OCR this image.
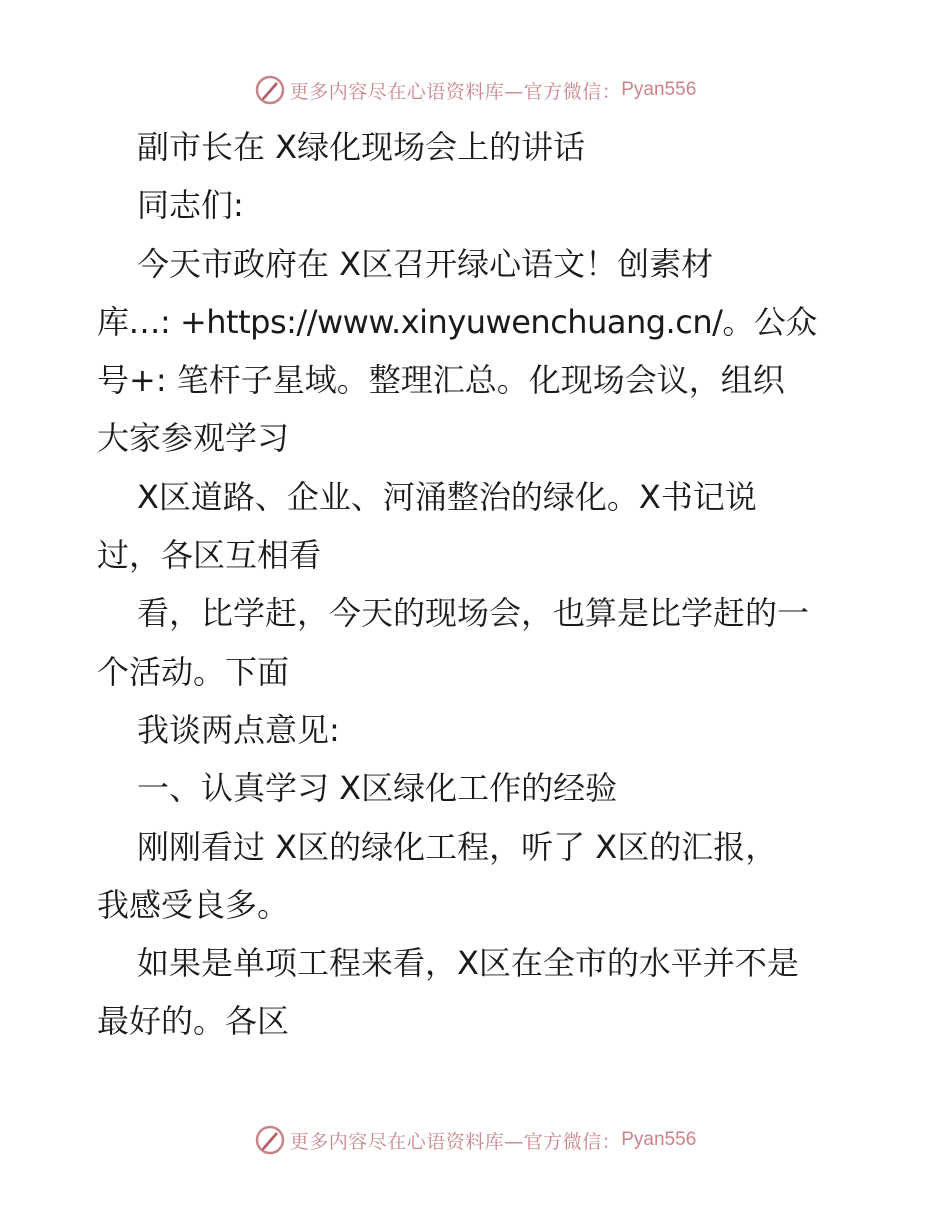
更多内容尽在心语资料库—官方微信： Pyan556
副市长在 X绿化现场会上的讲话
同志们:
今天市政府在 X区召开绿心语文！创素材
库…: +https://www.xinyuwenchuang.cn/。公众
号+: 笔杆子星域。整理汇总。化现场会议，组织
大家参观学习
X区道路、企业、河涌整治的绿化。X书记说
过，各区互相看
看，比学赶，今天的现场会，也算是比学赶的一
个活动。下面
我谈两点意见:
一、认真学习 X区绿化工作的经验
刚刚看过 X区的绿化工程，听了 X区的汇报，
我感受良多。
如果是单项工程来看，X区在全市的水平并不是
最好的。各区
更多内容尽在心语资料库—官方微信： Pyan556
